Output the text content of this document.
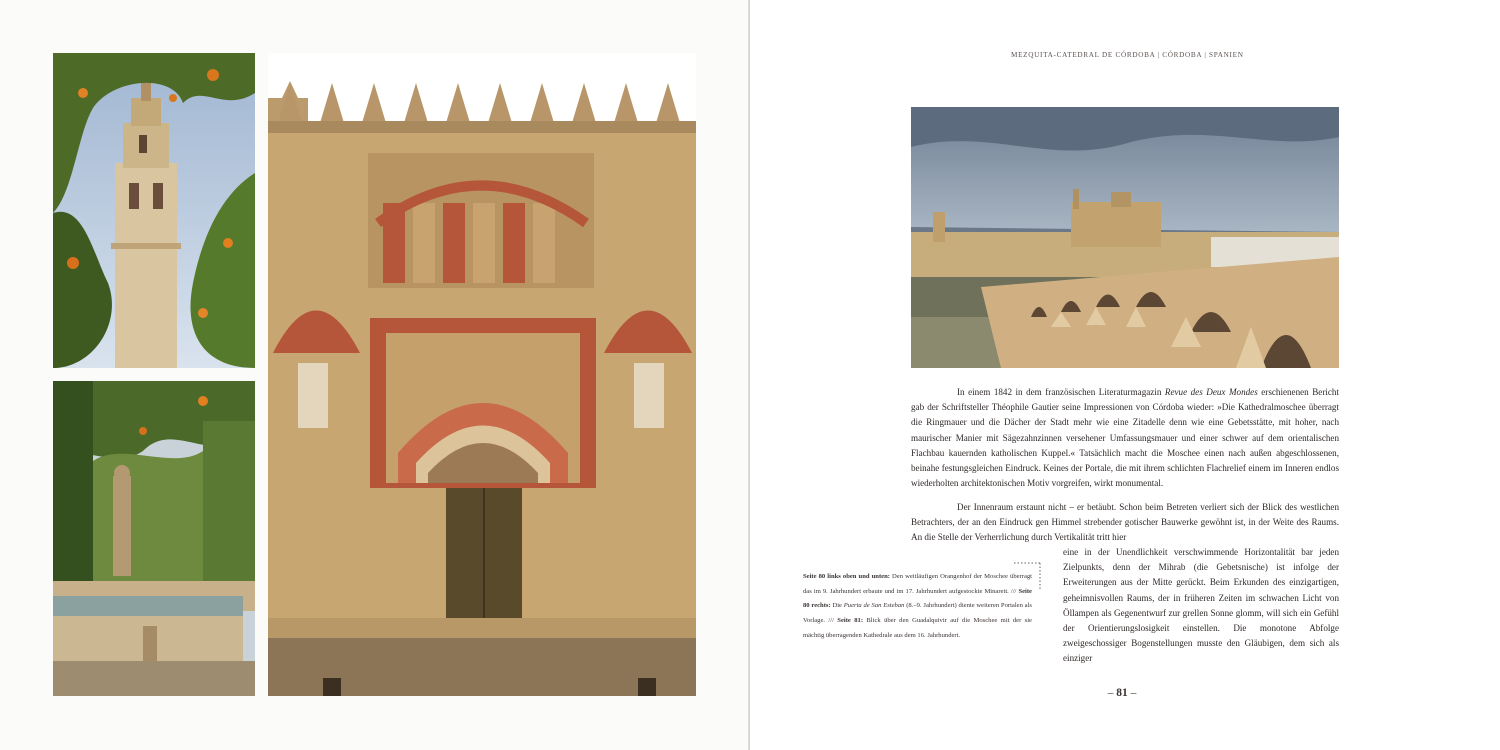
MEZQUITA-CATEDRAL DE CÓRDOBA | CÓRDOBA | SPANIEN

In einem 1842 in dem französischen Literaturmagazin Revue des Deux Mondes erschienenen Bericht gab der Schriftsteller Théophile Gautier seine Impressionen von Córdoba wieder: »Die Kathedralmoschee überragt die Ringmauer und die Dächer der Stadt mehr wie eine Zitadelle denn wie eine Gebetsstätte, mit hoher, nach maurischer Manier mit Sägezahnzinnen versehener Umfassungsmauer und einer schwer auf dem orientalischen Flachbau kauernden katholischen Kuppel.« Tatsächlich macht die Moschee einen nach außen abgeschlossenen, beinahe festungsgleichen Eindruck. Keines der Portale, die mit ihrem schlichten Flachrelief einem im Inneren endlos wiederholten architektonischen Motiv vorgreifen, wirkt monumental.

Der Innenraum erstaunt nicht – er betäubt. Schon beim Betreten verliert sich der Blick des westlichen Betrachters, der an den Eindruck gen Himmel strebender gotischer Bauwerke gewöhnt ist, in der Weite des Raums. An die Stelle der Verherrlichung durch Vertikalität tritt hier

eine in der Unendlichkeit verschwimmende Horizontalität bar jeden Zielpunkts, denn der Mihrab (die Gebetsnische) ist infolge der Erweiterungen aus der Mitte gerückt. Beim Erkunden des einzigartigen, geheimnisvollen Raums, der in früheren Zeiten im schwachen Licht von Öllampen als Gegenentwurf zur grellen Sonne glomm, will sich ein Gefühl der Orientierungslosigkeit einstellen. Die monotone Abfolge zweigeschossiger Bogenstellungen musste den Gläubigen, dem sich als einziger
Seite 80 links oben und unten: Den weitläufigen Orangenhof der Moschee überragt das im 9. Jahrhundert erbaute und im 17. Jahrhundert aufgestockte Minarett. /// Seite 80 rechts: Die Puerta de San Esteban (8.–9. Jahrhundert) diente weiteren Portalen als Vorlage. /// Seite 81: Blick über den Guadalquivir auf die Moschee mit der sie mächtig überragenden Kathedrale aus dem 16. Jahrhundert.
– 81 –
